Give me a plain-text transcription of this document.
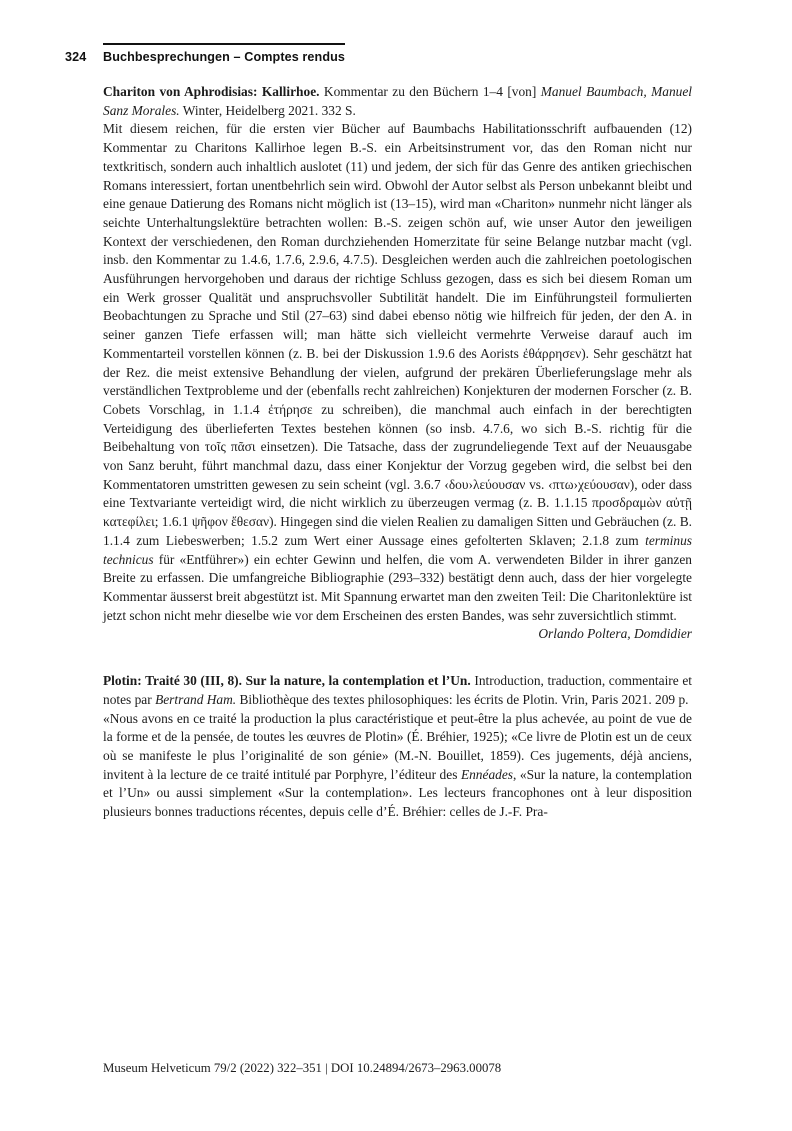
324	Buchbesprechungen – Comptes rendus

Chariton von Aphrodisias: Kallirhoe. Kommentar zu den Büchern 1–4 [von] Manuel Baumbach, Manuel Sanz Morales. Winter, Heidelberg 2021. 332 S.

Mit diesem reichen, für die ersten vier Bücher auf Baumbachs Habilitationsschrift aufbauenden (12) Kommentar zu Charitons Kallirhoe legen B.-S. ein Arbeitsinstrument vor, das den Roman nicht nur textkritisch, sondern auch inhaltlich auslotet (11) und jedem, der sich für das Genre des antiken griechischen Romans interessiert, fortan unentbehrlich sein wird. Obwohl der Autor selbst als Person unbekannt bleibt und eine genaue Datierung des Romans nicht möglich ist (13–15), wird man «Chariton» nunmehr nicht länger als seichte Unterhaltungslektüre betrachten wollen: B.-S. zeigen schön auf, wie unser Autor den jeweiligen Kontext der verschiedenen, den Roman durchziehenden Homerzitate für seine Belange nutzbar macht (vgl. insb. den Kommentar zu 1.4.6, 1.7.6, 2.9.6, 4.7.5). Desgleichen werden auch die zahlreichen poetologischen Ausführungen hervorgehoben und daraus der richtige Schluss gezogen, dass es sich bei diesem Roman um ein Werk grosser Qualität und anspruchsvoller Subtilität handelt. Die im Einführungsteil formulierten Beobachtungen zu Sprache und Stil (27–63) sind dabei ebenso nötig wie hilfreich für jeden, der den A. in seiner ganzen Tiefe erfassen will; man hätte sich vielleicht vermehrte Verweise darauf auch im Kommentarteil vorstellen können (z. B. bei der Diskussion 1.9.6 des Aorists ἐθάρρησεν). Sehr geschätzt hat der Rez. die meist extensive Behandlung der vielen, aufgrund der prekären Überlieferungslage mehr als verständlichen Textprobleme und der (ebenfalls recht zahlreichen) Konjekturen der modernen Forscher (z. B. Cobets Vorschlag, in 1.1.4 ἐτήρησε zu schreiben), die manchmal auch einfach in der berechtigten Verteidigung des überlieferten Textes bestehen können (so insb. 4.7.6, wo sich B.-S. richtig für die Beibehaltung von τοῖς πᾶσι einsetzen). Die Tatsache, dass der zugrundeliegende Text auf der Neuausgabe von Sanz beruht, führt manchmal dazu, dass einer Konjektur der Vorzug gegeben wird, die selbst bei den Kommentatoren umstritten gewesen zu sein scheint (vgl. 3.6.7 ‹δου›λεύουσαν vs. ‹πτω›χεύουσαν), oder dass eine Textvariante verteidigt wird, die nicht wirklich zu überzeugen vermag (z. B. 1.1.15 προσδραμὼν αὐτῇ κατεφίλει; 1.6.1 ψῆφον ἔθεσαν). Hingegen sind die vielen Realien zu damaligen Sitten und Gebräuchen (z. B. 1.1.4 zum Liebeswerben; 1.5.2 zum Wert einer Aussage eines gefolterten Sklaven; 2.1.8 zum terminus technicus für «Entführer») ein echter Gewinn und helfen, die vom A. verwendeten Bilder in ihrer ganzen Breite zu erfassen. Die umfangreiche Bibliographie (293–332) bestätigt denn auch, dass der hier vorgelegte Kommentar äusserst breit abgestützt ist. Mit Spannung erwartet man den zweiten Teil: Die Charitonlektüre ist jetzt schon nicht mehr dieselbe wie vor dem Erscheinen des ersten Bandes, was sehr zuversichtlich stimmt.

Orlando Poltera, Domdidier

Plotin: Traité 30 (III, 8). Sur la nature, la contemplation et l’Un. Introduction, traduction, commentaire et notes par Bertrand Ham. Bibliothèque des textes philosophiques: les écrits de Plotin. Vrin, Paris 2021. 209 p.

«Nous avons en ce traité la production la plus caractéristique et peut-être la plus achevée, au point de vue de la forme et de la pensée, de toutes les œuvres de Plotin» (É. Bréhier, 1925); «Ce livre de Plotin est un de ceux où se manifeste le plus l’originalité de son génie» (M.-N. Bouillet, 1859). Ces jugements, déjà anciens, invitent à la lecture de ce traité intitulé par Porphyre, l’éditeur des Ennéades, «Sur la nature, la contemplation et l’Un» ou aussi simplement «Sur la contemplation». Les lecteurs francophones ont à leur disposition plusieurs bonnes traductions récentes, depuis celle d’É. Bréhier: celles de J.-F. Pra-

Museum Helveticum 79/2 (2022) 322–351 | DOI 10.24894/2673–2963.00078
